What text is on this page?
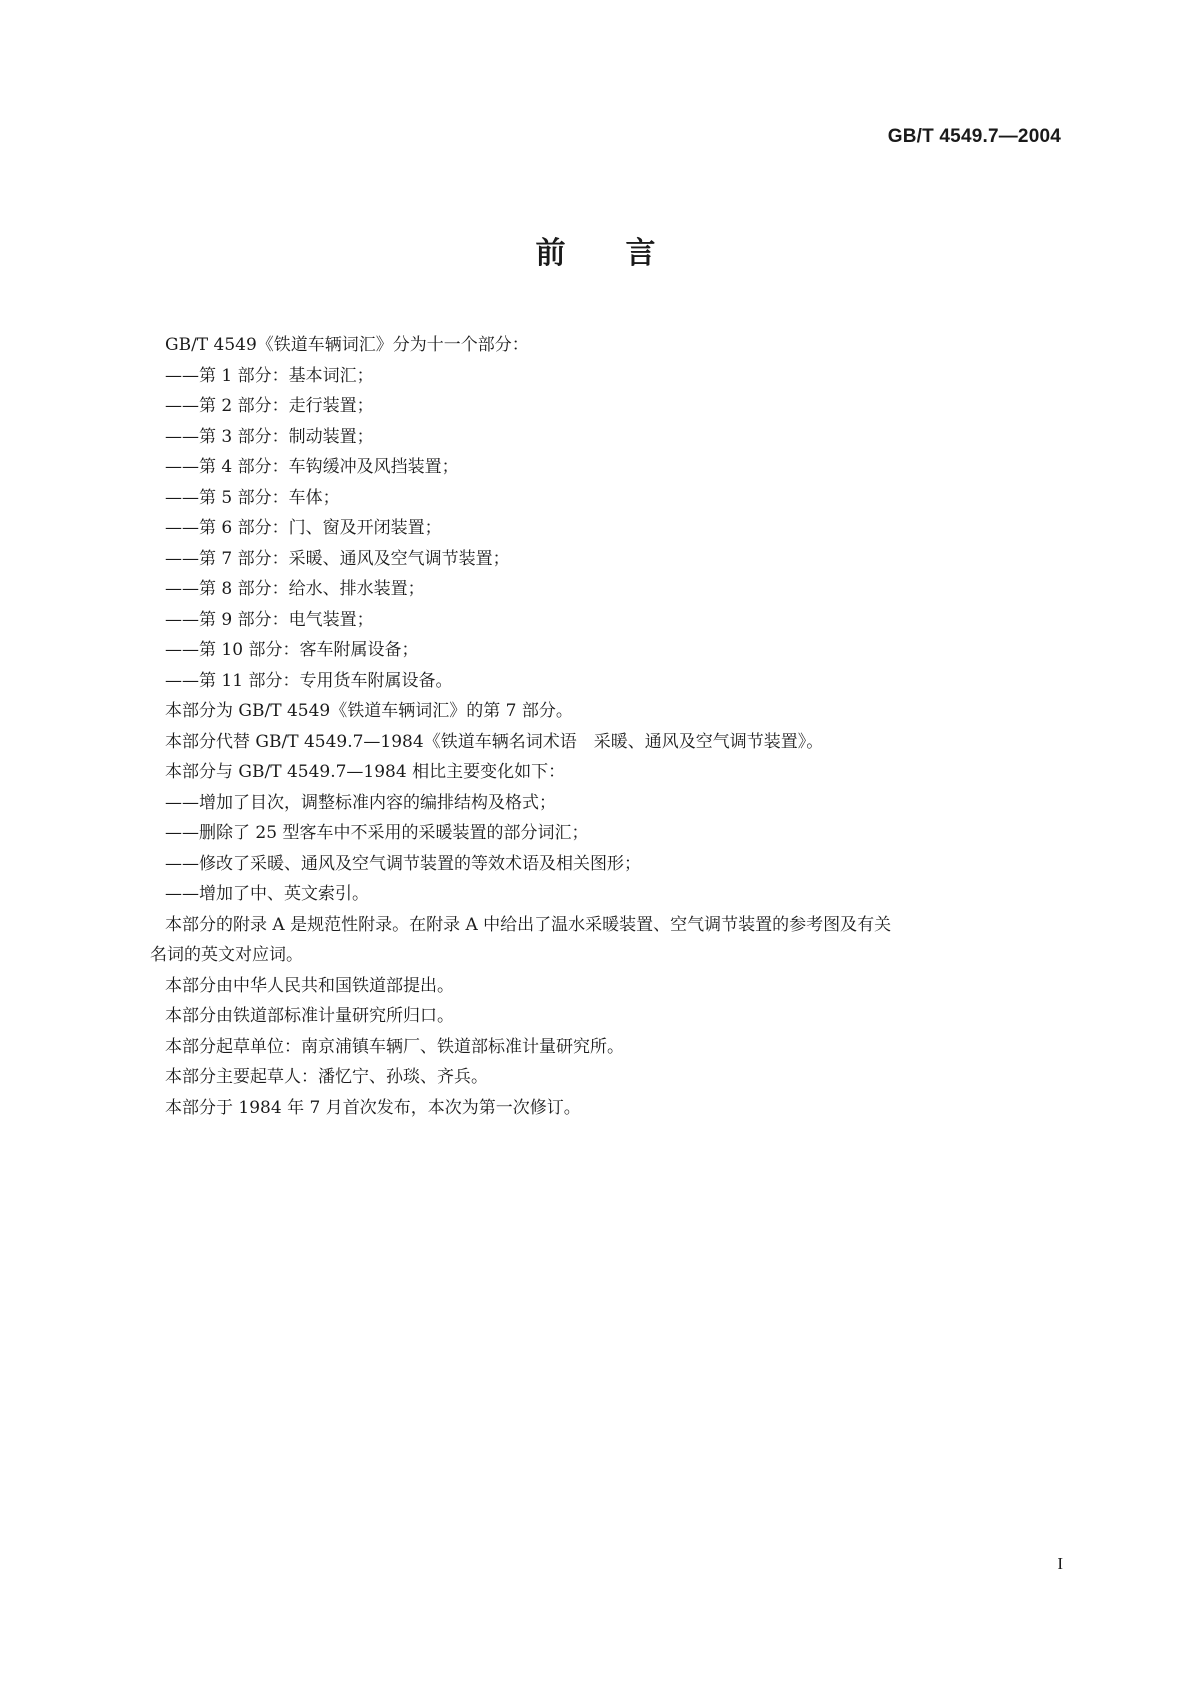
GB/T 4549.7—2004
前言
GB/T 4549《铁道车辆词汇》分为十一个部分：
——第 1 部分：基本词汇；
——第 2 部分：走行装置；
——第 3 部分：制动装置；
——第 4 部分：车钩缓冲及风挡装置；
——第 5 部分：车体；
——第 6 部分：门、窗及开闭装置；
——第 7 部分：采暖、通风及空气调节装置；
——第 8 部分：给水、排水装置；
——第 9 部分：电气装置；
——第 10 部分：客车附属设备；
——第 11 部分：专用货车附属设备。
本部分为 GB/T 4549《铁道车辆词汇》的第 7 部分。
本部分代替 GB/T 4549.7—1984《铁道车辆名词术语　采暖、通风及空气调节装置》。
本部分与 GB/T 4549.7—1984 相比主要变化如下：
——增加了目次，调整标准内容的编排结构及格式；
——删除了 25 型客车中不采用的采暖装置的部分词汇；
——修改了采暖、通风及空气调节装置的等效术语及相关图形；
——增加了中、英文索引。
本部分的附录 A 是规范性附录。在附录 A 中给出了温水采暖装置、空气调节装置的参考图及有关
名词的英文对应词。
本部分由中华人民共和国铁道部提出。
本部分由铁道部标准计量研究所归口。
本部分起草单位：南京浦镇车辆厂、铁道部标准计量研究所。
本部分主要起草人：潘忆宁、孙琰、齐兵。
本部分于 1984 年 7 月首次发布，本次为第一次修订。
I
